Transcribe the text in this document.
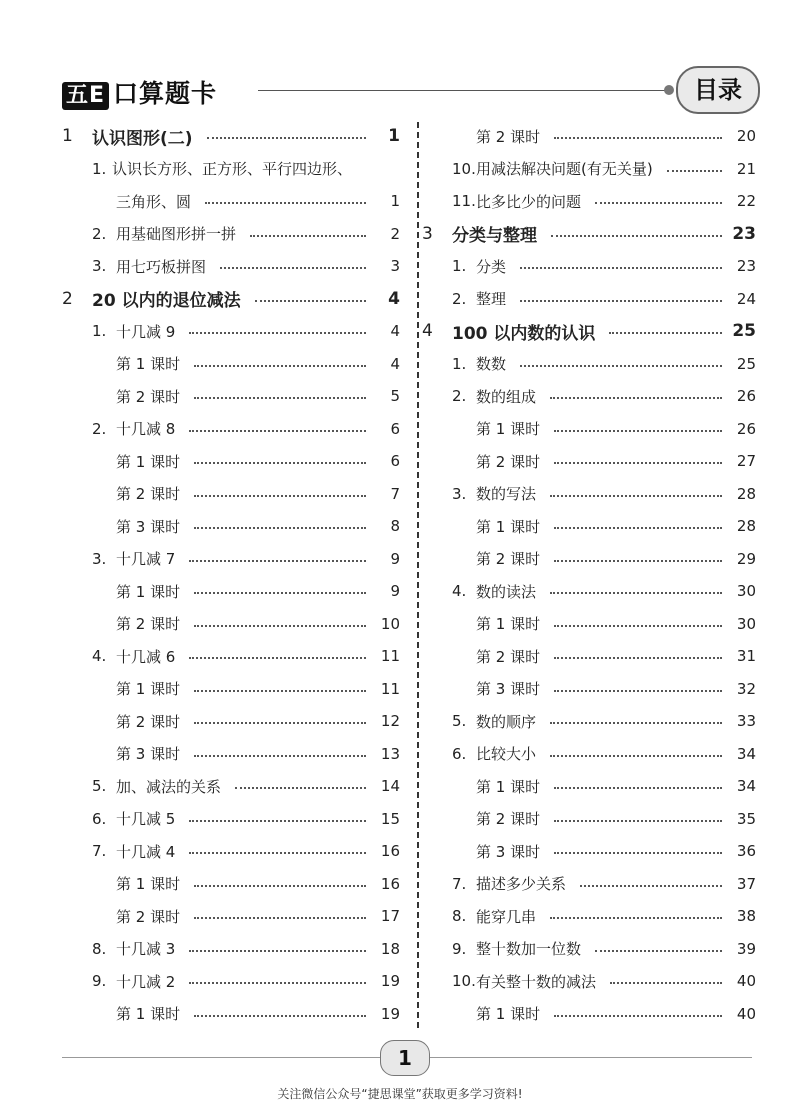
五E 口算题卡	目录
1	认识图形(二)	1
1. 认识长方形、正方形、平行四边形、
三角形、圆	1
2. 用基础图形拼一拼	2
3. 用七巧板拼图	3
2	20 以内的退位减法	4
1. 十几减 9	4
第 1 课时	4
第 2 课时	5
2. 十几减 8	6
第 1 课时	6
第 2 课时	7
第 3 课时	8
3. 十几减 7	9
第 1 课时	9
第 2 课时	10
4. 十几减 6	11
第 1 课时	11
第 2 课时	12
第 3 课时	13
5. 加、减法的关系	14
6. 十几减 5	15
7. 十几减 4	16
第 1 课时	16
第 2 课时	17
8. 十几减 3	18
9. 十几减 2	19
第 1 课时	19
第 2 课时	20
10. 用减法解决问题(有无关量)	21
11. 比多比少的问题	22
3	分类与整理	23
1. 分类	23
2. 整理	24
4	100 以内数的认识	25
1. 数数	25
2. 数的组成	26
第 1 课时	26
第 2 课时	27
3. 数的写法	28
第 1 课时	28
第 2 课时	29
4. 数的读法	30
第 1 课时	30
第 2 课时	31
第 3 课时	32
5. 数的顺序	33
6. 比较大小	34
第 1 课时	34
第 2 课时	35
第 3 课时	36
7. 描述多少关系	37
8. 能穿几串	38
9. 整十数加一位数	39
10. 有关整十数的减法	40
第 1 课时	40
1
关注微信公众号“捷思课堂”获取更多学习资料!
